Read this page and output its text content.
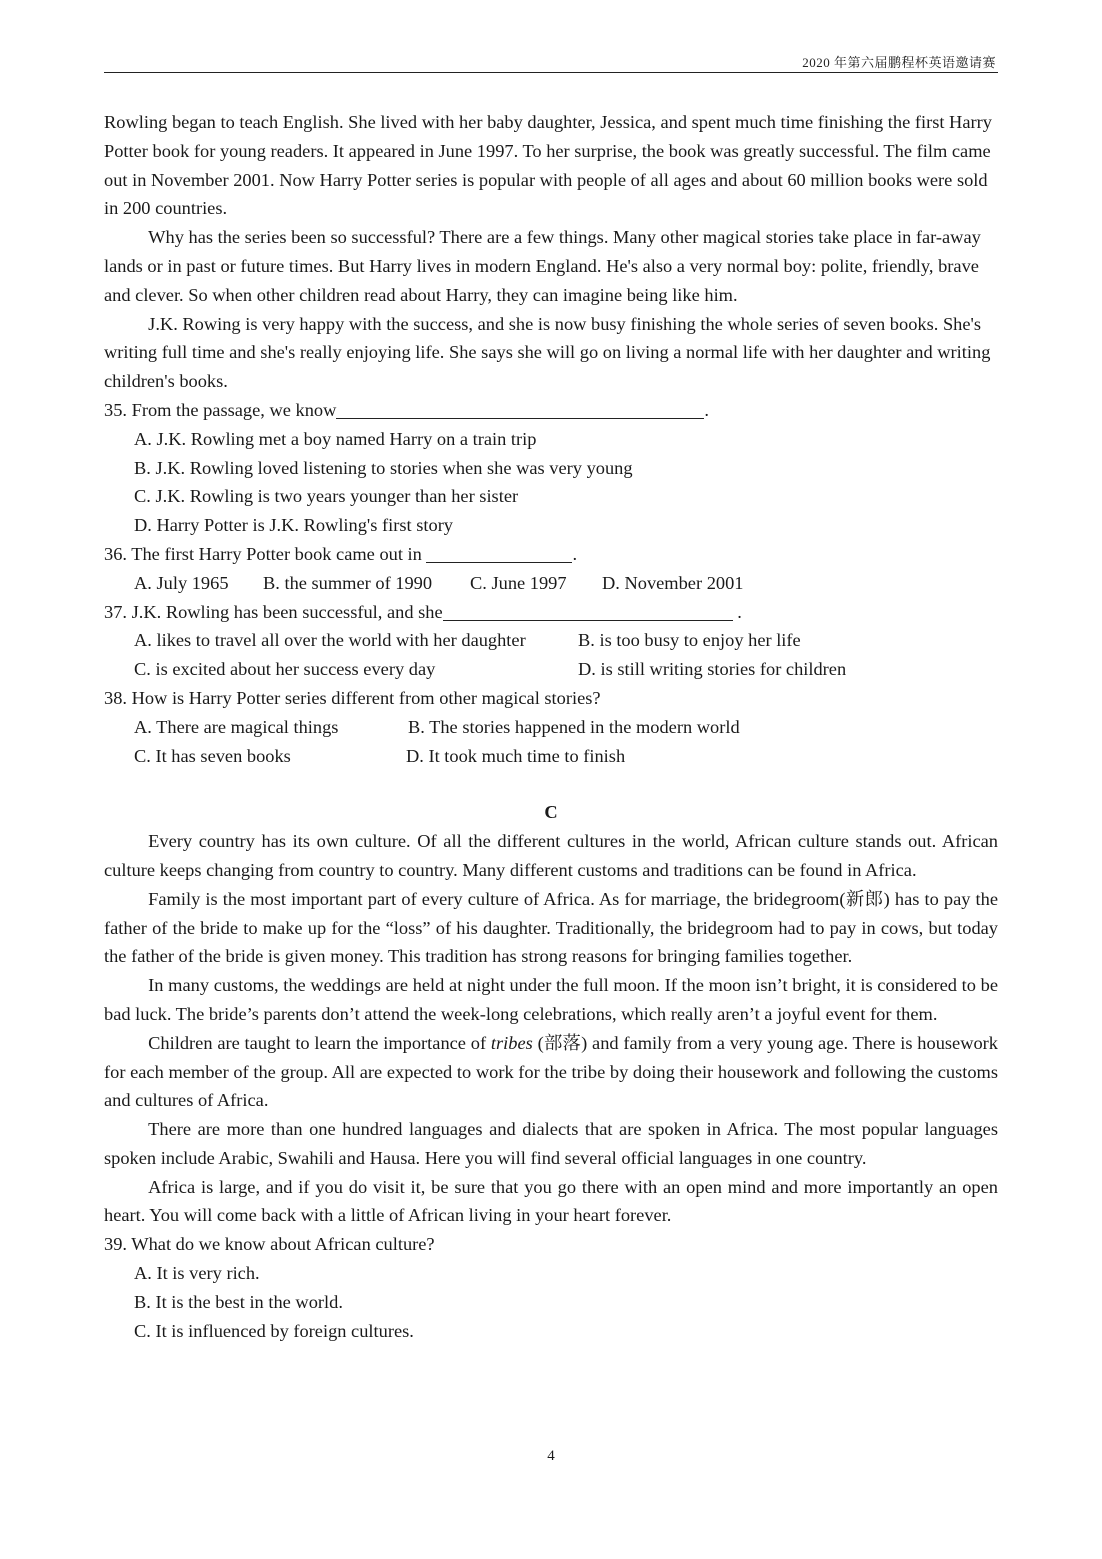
2020 年第六届鹏程杯英语邀请赛

Rowling began to teach English. She lived with her baby daughter, Jessica, and spent much time finishing the first Harry Potter book for young readers. It appeared in June 1997. To her surprise, the book was greatly successful. The film came out in November 2001. Now Harry Potter series is popular with people of all ages and about 60 million books were sold in 200 countries.

Why has the series been so successful? There are a few things. Many other magical stories take place in far-away lands or in past or future times. But Harry lives in modern England. He's also a very normal boy: polite, friendly, brave and clever. So when other children read about Harry, they can imagine being like him.

J.K. Rowing is very happy with the success, and she is now busy finishing the whole series of seven books. She's writing full time and she's really enjoying life. She says she will go on living a normal life with her daughter and writing children's books.

35. From the passage, we know	.

A. J.K. Rowling met a boy named Harry on a train trip

B. J.K. Rowling loved listening to stories when she was very young

C. J.K. Rowling is two years younger than her sister

D. Harry Potter is J.K. Rowling's first story

36. The first Harry Potter book came out in	.

A. July 1965	B. the summer of 1990	C. June 1997	D. November 2001

37. J.K. Rowling has been successful, and she	.

A. likes to travel all over the world with her daughter	B. is too busy to enjoy her life
C. is excited about her success every day	D. is still writing stories for children

38. How is Harry Potter series different from other magical stories?

A. There are magical things	B. The stories happened in the modern world
C. It has seven books	D. It took much time to finish

C

Every country has its own culture. Of all the different cultures in the world, African culture stands out. African culture keeps changing from country to country. Many different customs and traditions can be found in Africa.

Family is the most important part of every culture of Africa. As for marriage, the bridegroom(新郎) has to pay the father of the bride to make up for the “loss” of his daughter. Traditionally, the bridegroom had to pay in cows, but today the father of the bride is given money. This tradition has strong reasons for bringing families together.

In many customs, the weddings are held at night under the full moon. If the moon isn’t bright, it is considered to be bad luck. The bride’s parents don’t attend the week-long celebrations, which really aren’t a joyful event for them.

Children are taught to learn the importance of tribes (部落) and family from a very young age. There is housework for each member of the group. All are expected to work for the tribe by doing their housework and following the customs and cultures of Africa.

There are more than one hundred languages and dialects that are spoken in Africa. The most popular languages spoken include Arabic, Swahili and Hausa. Here you will find several official languages in one country.

Africa is large, and if you do visit it, be sure that you go there with an open mind and more importantly an open heart. You will come back with a little of African living in your heart forever.

39. What do we know about African culture?

A. It is very rich.

B. It is the best in the world.

C. It is influenced by foreign cultures.

4
